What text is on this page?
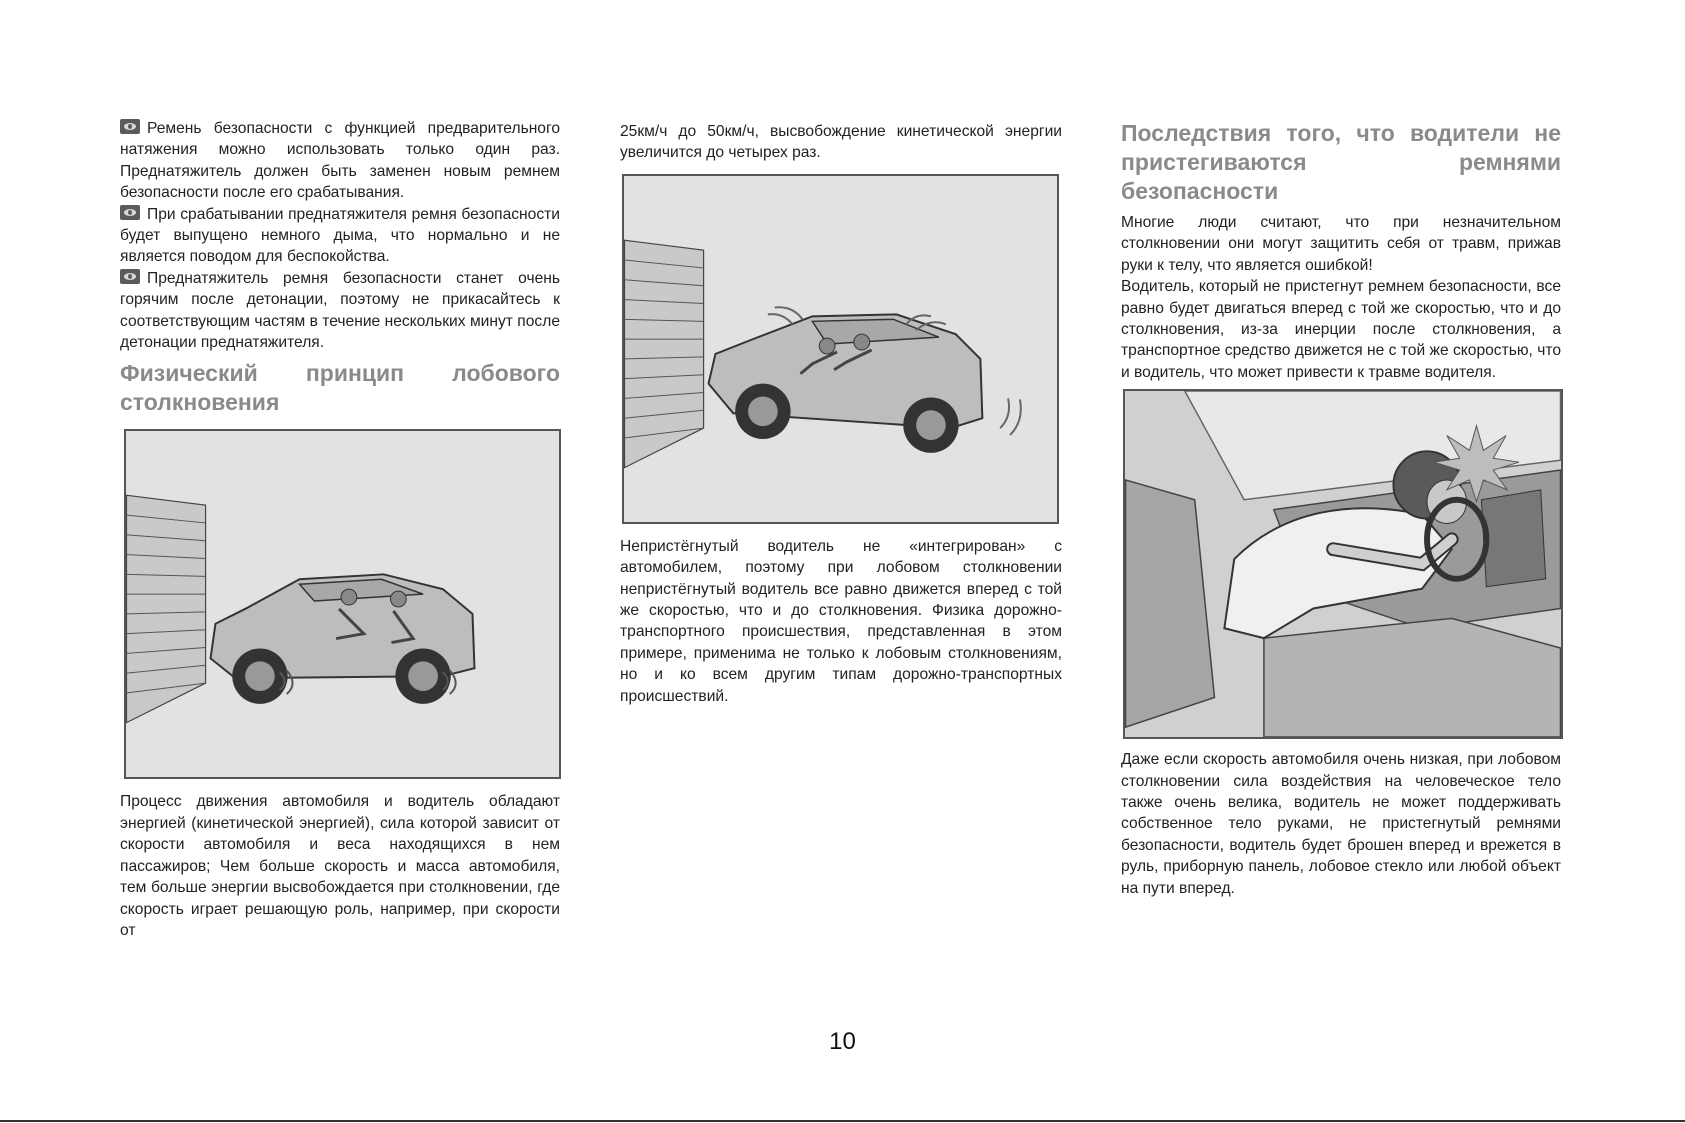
Ремень безопасности с функцией предварительного натяжения можно использовать только один раз. Преднатяжитель должен быть заменен новым ремнем безопасности после его срабатывания.

При срабатывании преднатяжителя ремня безопасности будет выпущено немного дыма, что нормально и не является поводом для беспокойства.

Преднатяжитель ремня безопасности станет очень горячим после детонации, поэтому не прикасайтесь к соответствующим частям в течение нескольких минут после детонации преднатяжителя.

Физический принцип лобового столкновения

Процесс движения автомобиля и водитель обладают энергией (кинетической энергией), сила которой зависит от скорости автомобиля и веса находящихся в нем пассажиров; Чем больше скорость и масса автомобиля, тем больше энергии высвобождается при столкновении, где скорость играет решающую роль, например, при скорости от

25км/ч до 50км/ч, высвобождение кинетической энергии увеличится до четырех раз.

Непристёгнутый водитель не «интегрирован» с автомобилем, поэтому при лобовом столкновении непристёгнутый водитель все равно движется вперед с той же скоростью, что и до столкновения. Физика дорожно-транспортного происшествия, представленная в этом примере, применима не только к лобовым столкновениям, но и ко всем другим типам дорожно-транспортных происшествий.

Последствия того, что водители не пристегиваются ремнями безопасности

Многие люди считают, что при незначительном столкновении они могут защитить себя от травм, прижав руки к телу, что является ошибкой!

Водитель, который не пристегнут ремнем безопасности, все равно будет двигаться вперед с той же скоростью, что и до столкновения, из-за инерции после столкновения, а транспортное средство движется не с той же скоростью, что и водитель, что может привести к травме водителя.

Даже если скорость автомобиля очень низкая, при лобовом столкновении сила воздействия на человеческое тело также очень велика, водитель не может поддерживать собственное тело руками, не пристегнутый ремнями безопасности, водитель будет брошен вперед и врежется в руль, приборную панель, лобовое стекло или любой объект на пути вперед.

10
